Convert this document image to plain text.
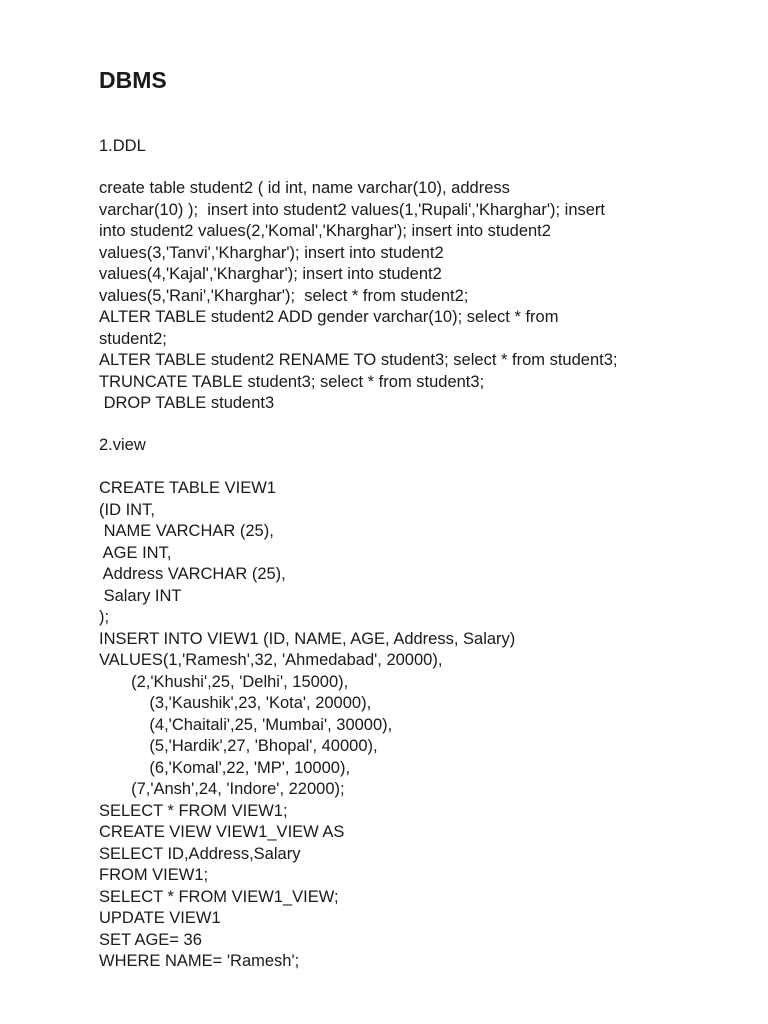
DBMS
1.DDL
create table student2 ( id int, name varchar(10), address
varchar(10) );  insert into student2 values(1,'Rupali','Kharghar'); insert
into student2 values(2,'Komal','Kharghar'); insert into student2
values(3,'Tanvi','Kharghar'); insert into student2
values(4,'Kajal','Kharghar'); insert into student2
values(5,'Rani','Kharghar');  select * from student2;
ALTER TABLE student2 ADD gender varchar(10); select * from
student2;
ALTER TABLE student2 RENAME TO student3; select * from student3;
TRUNCATE TABLE student3; select * from student3;
DROP TABLE student3
2.view
CREATE TABLE VIEW1
(ID INT,
NAME VARCHAR (25),
AGE INT,
Address VARCHAR (25),
Salary INT
);
INSERT INTO VIEW1 (ID, NAME, AGE, Address, Salary)
VALUES(1,'Ramesh',32, 'Ahmedabad', 20000),
(2,'Khushi',25, 'Delhi', 15000),
(3,'Kaushik',23, 'Kota', 20000),
(4,'Chaitali',25, 'Mumbai', 30000),
(5,'Hardik',27, 'Bhopal', 40000),
(6,'Komal',22, 'MP', 10000),
(7,'Ansh',24, 'Indore', 22000);
SELECT * FROM VIEW1;
CREATE VIEW VIEW1_VIEW AS
SELECT ID,Address,Salary
FROM VIEW1;
SELECT * FROM VIEW1_VIEW;
UPDATE VIEW1
SET AGE= 36
WHERE NAME= 'Ramesh';
